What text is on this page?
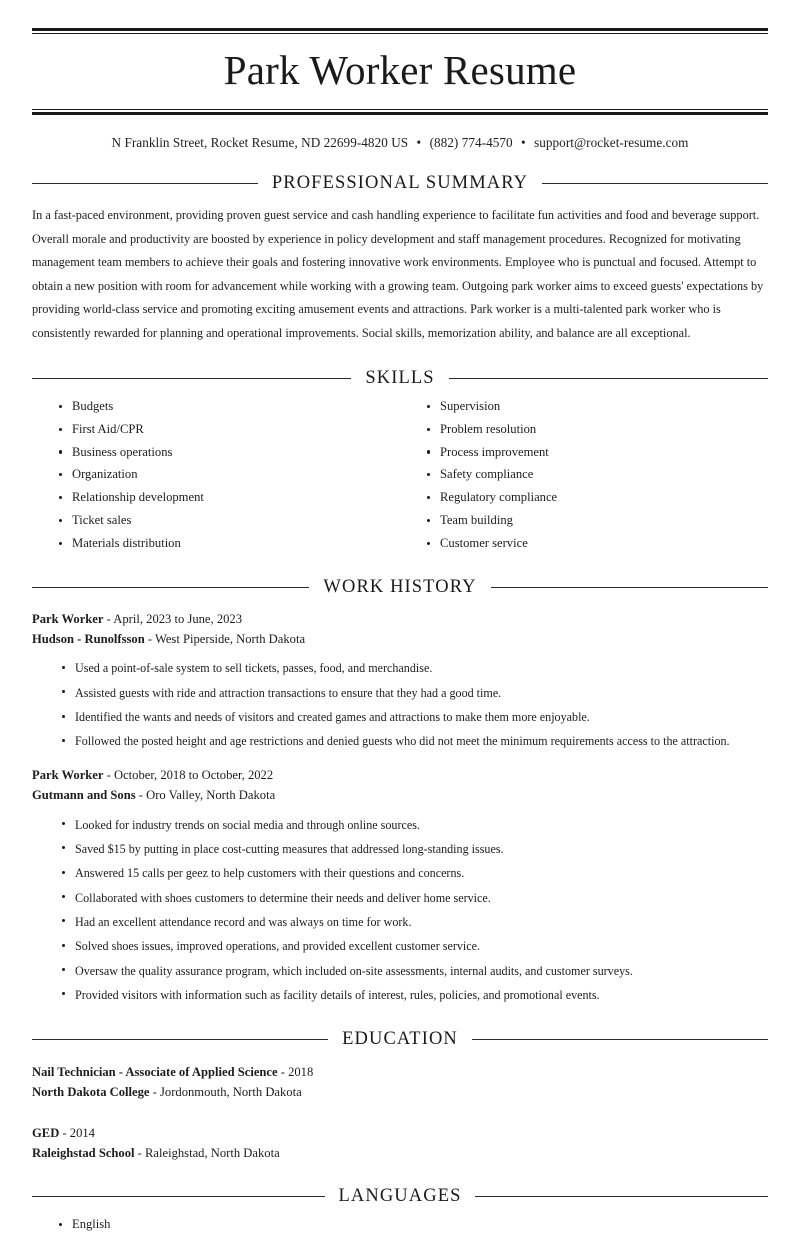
Park Worker Resume
N Franklin Street, Rocket Resume, ND 22699-4820 US • (882) 774-4570 • support@rocket-resume.com
PROFESSIONAL SUMMARY
In a fast-paced environment, providing proven guest service and cash handling experience to facilitate fun activities and food and beverage support. Overall morale and productivity are boosted by experience in policy development and staff management procedures. Recognized for motivating management team members to achieve their goals and fostering innovative work environments. Employee who is punctual and focused. Attempt to obtain a new position with room for advancement while working with a growing team. Outgoing park worker aims to exceed guests' expectations by providing world-class service and promoting exciting amusement events and attractions. Park worker is a multi-talented park worker who is consistently rewarded for planning and operational improvements. Social skills, memorization ability, and balance are all exceptional.
SKILLS
Budgets
First Aid/CPR
Business operations
Organization
Relationship development
Ticket sales
Materials distribution
Supervision
Problem resolution
Process improvement
Safety compliance
Regulatory compliance
Team building
Customer service
WORK HISTORY
Park Worker - April, 2023 to June, 2023
Hudson - Runolfsson - West Piperside, North Dakota
Used a point-of-sale system to sell tickets, passes, food, and merchandise.
Assisted guests with ride and attraction transactions to ensure that they had a good time.
Identified the wants and needs of visitors and created games and attractions to make them more enjoyable.
Followed the posted height and age restrictions and denied guests who did not meet the minimum requirements access to the attraction.
Park Worker - October, 2018 to October, 2022
Gutmann and Sons - Oro Valley, North Dakota
Looked for industry trends on social media and through online sources.
Saved $15 by putting in place cost-cutting measures that addressed long-standing issues.
Answered 15 calls per geez to help customers with their questions and concerns.
Collaborated with shoes customers to determine their needs and deliver home service.
Had an excellent attendance record and was always on time for work.
Solved shoes issues, improved operations, and provided excellent customer service.
Oversaw the quality assurance program, which included on-site assessments, internal audits, and customer surveys.
Provided visitors with information such as facility details of interest, rules, policies, and promotional events.
EDUCATION
Nail Technician - Associate of Applied Science - 2018
North Dakota College - Jordonmouth, North Dakota
GED - 2014
Raleighstad School - Raleighstad, North Dakota
LANGUAGES
English
